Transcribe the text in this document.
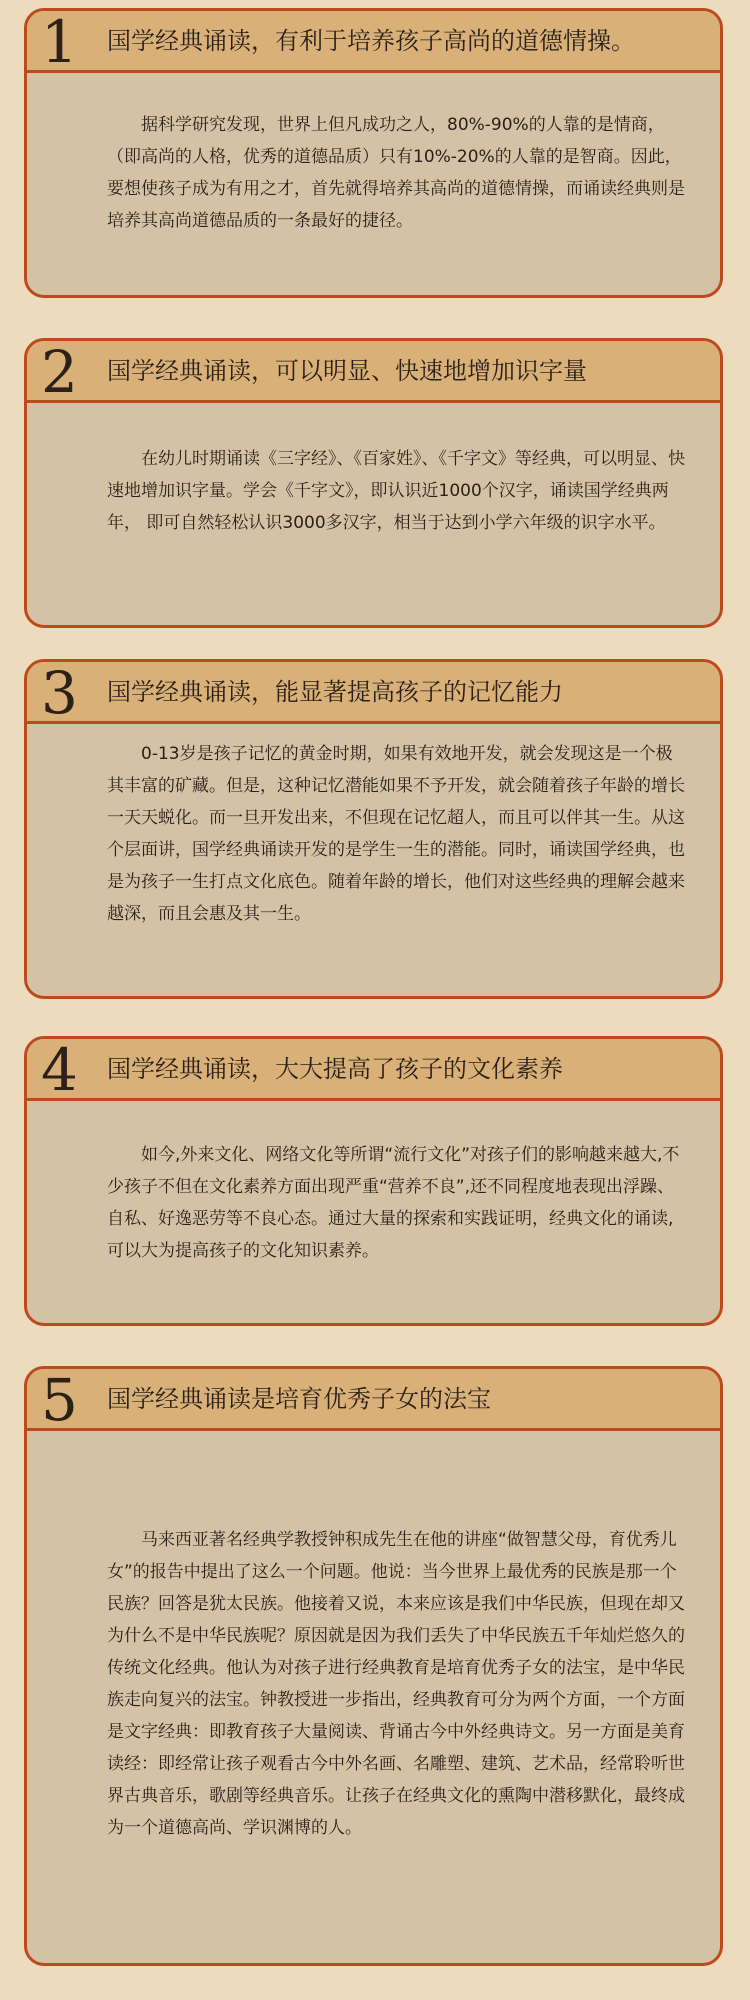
1 国学经典诵读，有利于培养孩子高尚的道德情操。

据科学研究发现，世界上但凡成功之人，80%-90%的人靠的是情商，（即高尚的人格，优秀的道德品质）只有10%-20%的人靠的是智商。因此，要想使孩子成为有用之才，首先就得培养其高尚的道德情操，而诵读经典则是培养其高尚道德品质的一条最好的捷径。

2 国学经典诵读，可以明显、快速地增加识字量

在幼儿时期诵读《三字经》、《百家姓》、《千字文》等经典，可以明显、快速地增加识字量。学会《千字文》，即认识近1000个汉字，诵读国学经典两年， 即可自然轻松认识3000多汉字，相当于达到小学六年级的识字水平。

3 国学经典诵读，能显著提高孩子的记忆能力

0-13岁是孩子记忆的黄金时期，如果有效地开发，就会发现这是一个极其丰富的矿藏。但是，这种记忆潜能如果不予开发，就会随着孩子年龄的增长一天天蜕化。而一旦开发出来，不但现在记忆超人，而且可以伴其一生。从这个层面讲，国学经典诵读开发的是学生一生的潜能。同时，诵读国学经典，也是为孩子一生打点文化底色。随着年龄的增长，他们对这些经典的理解会越来越深，而且会惠及其一生。

4 国学经典诵读，大大提高了孩子的文化素养

如今,外来文化、网络文化等所谓“流行文化”对孩子们的影响越来越大,不少孩子不但在文化素养方面出现严重“营养不良”,还不同程度地表现出浮躁、自私、好逸恶劳等不良心态。通过大量的探索和实践证明，经典文化的诵读,可以大为提高孩子的文化知识素养。

5 国学经典诵读是培育优秀子女的法宝

马来西亚著名经典学教授钟积成先生在他的讲座“做智慧父母，育优秀儿女”的报告中提出了这么一个问题。他说：当今世界上最优秀的民族是那一个民族？回答是犹太民族。他接着又说，本来应该是我们中华民族，但现在却又为什么不是中华民族呢？原因就是因为我们丢失了中华民族五千年灿烂悠久的传统文化经典。他认为对孩子进行经典教育是培育优秀子女的法宝，是中华民族走向复兴的法宝。钟教授进一步指出，经典教育可分为两个方面，一个方面是文字经典：即教育孩子大量阅读、背诵古今中外经典诗文。另一方面是美育读经：即经常让孩子观看古今中外名画、名雕塑、建筑、艺术品，经常聆听世界古典音乐，歌剧等经典音乐。让孩子在经典文化的熏陶中潜移默化，最终成为一个道德高尚、学识渊博的人。
